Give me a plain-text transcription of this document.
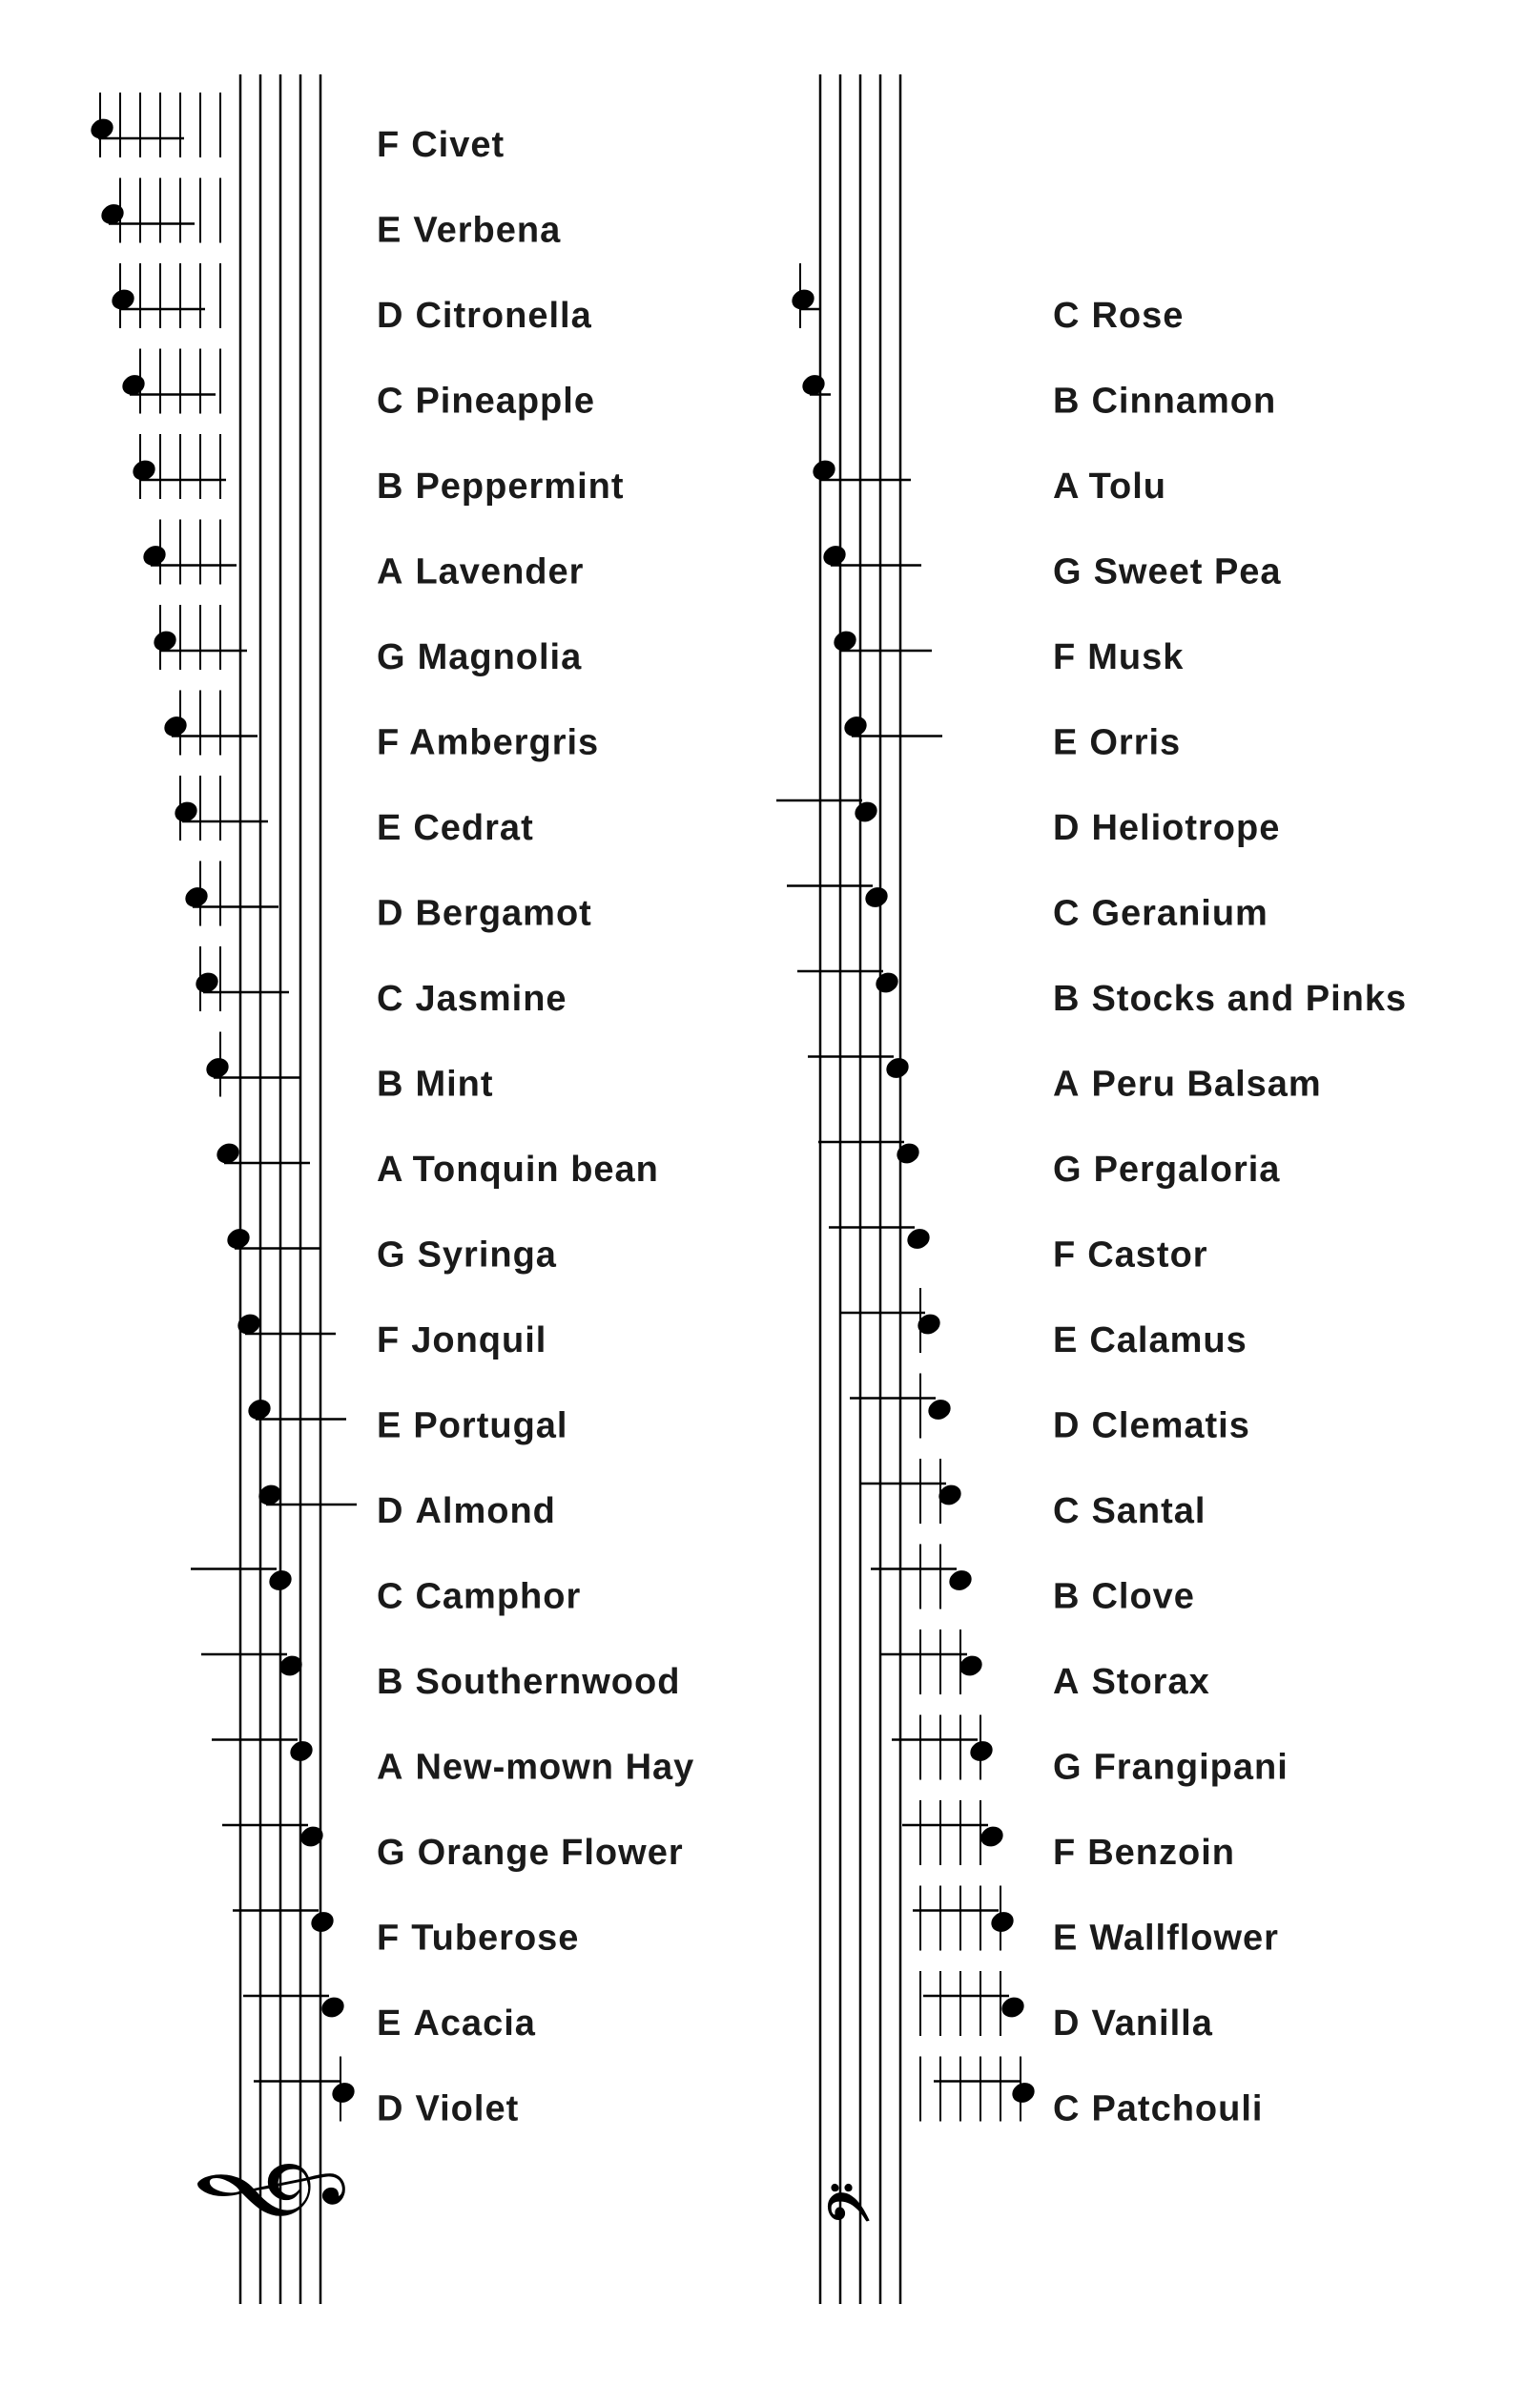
F Civet
E Verbena
D Citronella
C Pineapple
B Peppermint
A Lavender
G Magnolia
F Ambergris
E Cedrat
D Bergamot
C Jasmine
B Mint
A Tonquin bean
G Syringa
F Jonquil
E Portugal
D Almond
C Camphor
B Southernwood
A New-mown Hay
G Orange Flower
F Tuberose
E Acacia
D Violet
𝄞
C Rose
B Cinnamon
A Tolu
G Sweet Pea
F Musk
E Orris
D Heliotrope
C Geranium
B Stocks and Pinks
A Peru Balsam
G Pergaloria
F Castor
E Calamus
D Clematis
C Santal
B Clove
A Storax
G Frangipani
F Benzoin
E Wallflower
D Vanilla
C Patchouli
𝄢
